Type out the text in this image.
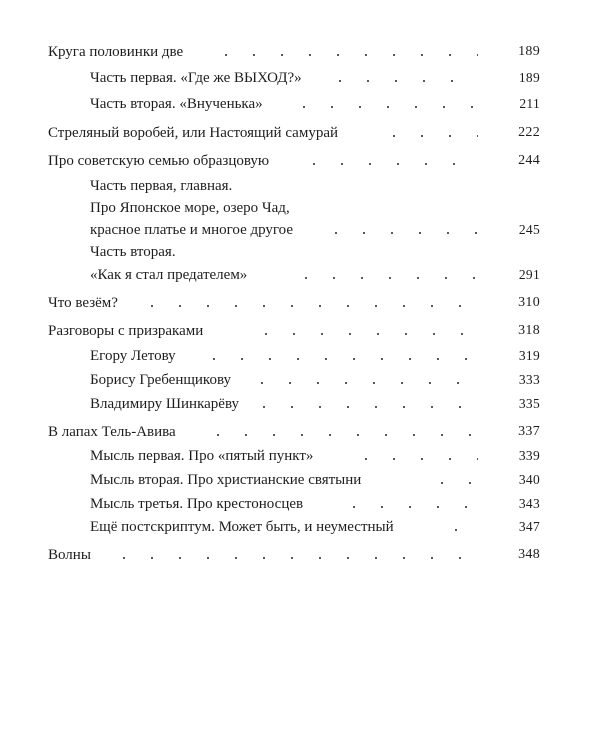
Круга половинки две	189
Часть первая. «Где же ВЫХОД?»	189
Часть вторая. «Внученька»	211
Стреляный воробей, или Настоящий самурай	222
Про советскую семью образцовую	244
Часть первая, главная.
Про Японское море, озеро Чад,
красное платье и многое другое	245
Часть вторая.
«Как я стал предателем»	291
Что везём?	310
Разговоры с призраками	318
Егору Летову	319
Борису Гребенщикову	333
Владимиру Шинкарёву	335
В лапах Тель-Авива	337
Мысль первая. Про «пятый пункт»	339
Мысль вторая. Про христианские святыни	340
Мысль третья. Про крестоносцев	343
Ещё постскриптум. Может быть, и неуместный	347
Волны	348
